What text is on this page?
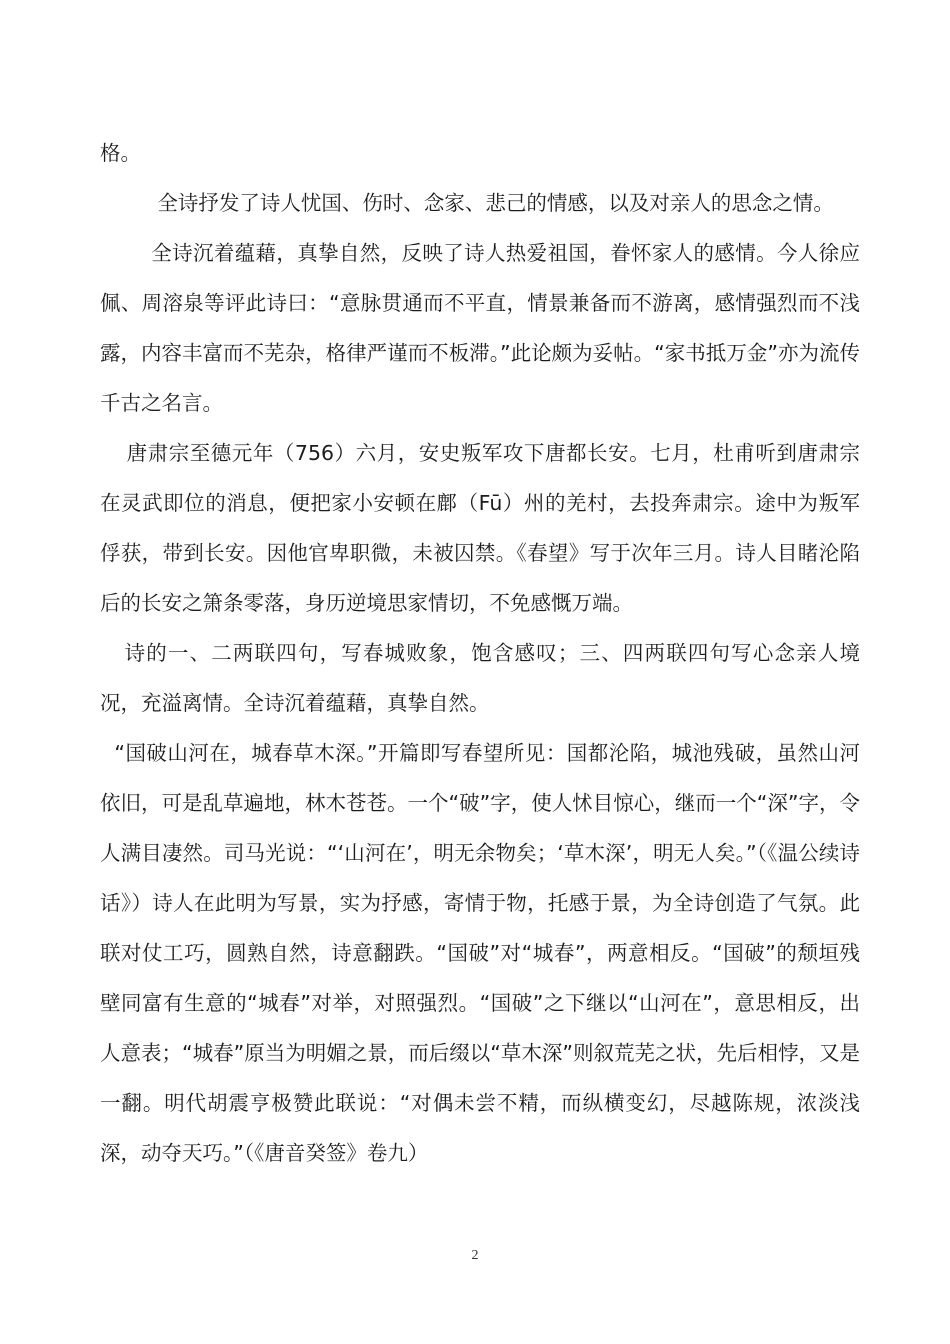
格。

全诗抒发了诗人忧国、伤时、念家、悲己的情感，以及对亲人的思念之情。

全诗沉着蕴藉，真挚自然，反映了诗人热爱祖国，眷怀家人的感情。今人徐应佩、周溶泉等评此诗曰：“意脉贯通而不平直，情景兼备而不游离，感情强烈而不浅露，内容丰富而不芜杂，格律严谨而不板滞。”此论颇为妥帖。“家书抵万金”亦为流传千古之名言。

唐肃宗至德元年（756）六月，安史叛军攻下唐都长安。七月，杜甫听到唐肃宗在灵武即位的消息，便把家小安顿在鄜（Fū）州的羌村，去投奔肃宗。途中为叛军俘获，带到长安。因他官卑职微，未被囚禁。《春望》写于次年三月。诗人目睹沦陷后的长安之箫条零落，身历逆境思家情切，不免感慨万端。

诗的一、二两联四句，写春城败象，饱含感叹；三、四两联四句写心念亲人境况，充溢离情。全诗沉着蕴藉，真挚自然。

“国破山河在，城春草木深。”开篇即写春望所见：国都沦陷，城池残破，虽然山河依旧，可是乱草遍地，林木苍苍。一个“破”字，使人怵目惊心，继而一个“深”字，令人满目凄然。司马光说：“‘山河在’，明无余物矣；‘草木深’，明无人矣。”（《温公续诗话》）诗人在此明为写景，实为抒感，寄情于物，托感于景，为全诗创造了气氛。此联对仗工巧，圆熟自然，诗意翻跌。“国破”对“城春”，两意相反。“国破”的颓垣残壁同富有生意的“城春”对举，对照强烈。“国破”之下继以“山河在”，意思相反，出人意表；“城春”原当为明媚之景，而后缀以“草木深”则叙荒芜之状，先后相悖，又是一翻。明代胡震亨极赞此联说：“对偶未尝不精，而纵横变幻，尽越陈规，浓淡浅深，动夺天巧。”（《唐音癸签》卷九）

2
